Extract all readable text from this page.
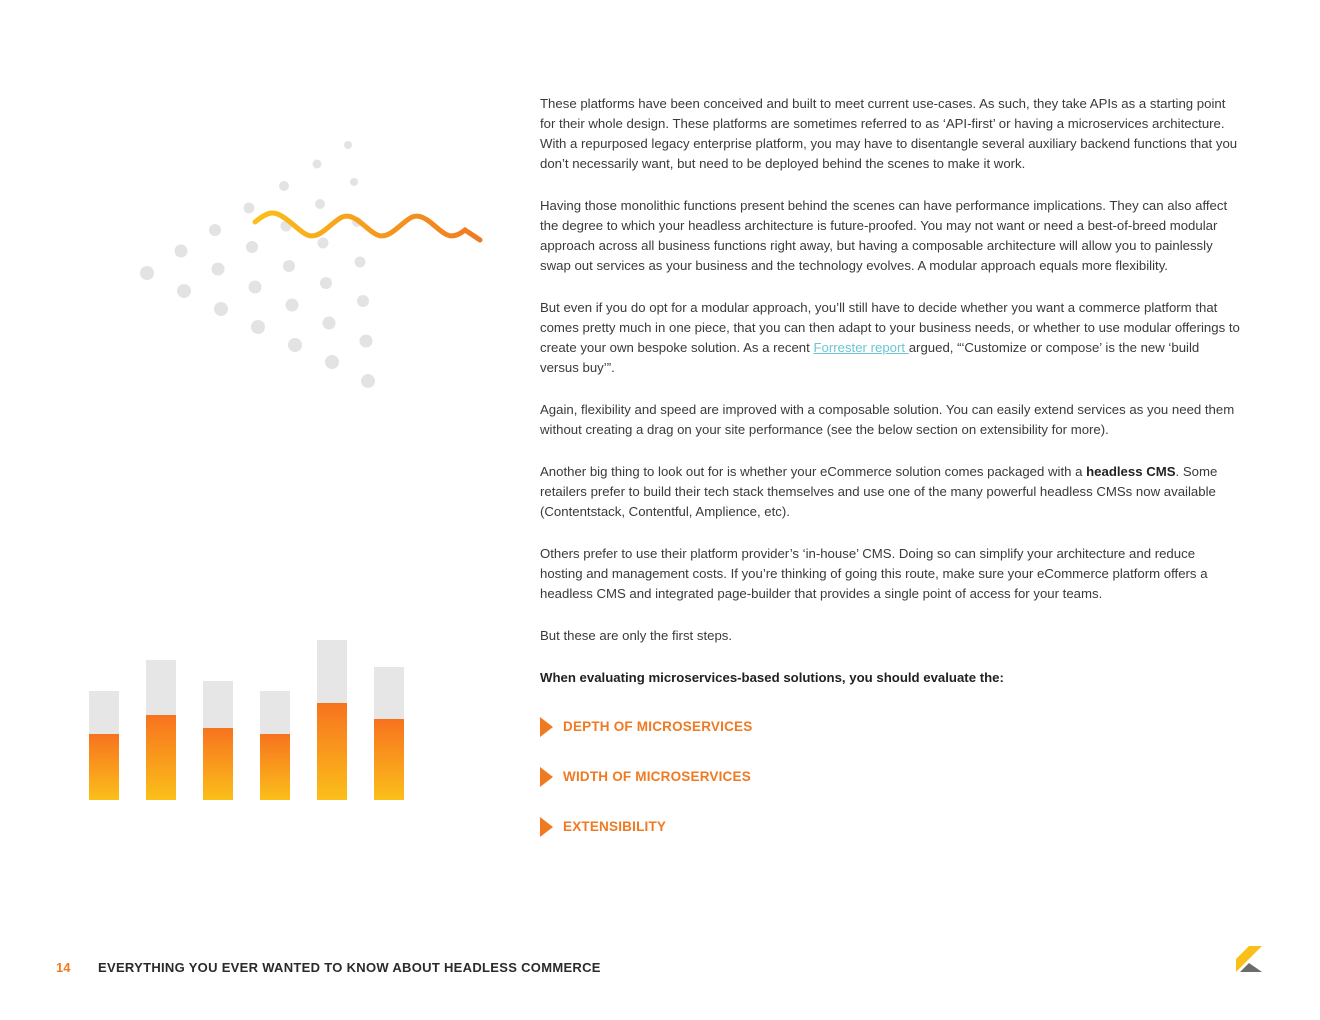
These platforms have been conceived and built to meet current use-cases. As such, they take APIs as a starting point for their whole design. These platforms are sometimes referred to as ‘API-first’ or having a microservices architecture. With a repurposed legacy enterprise platform, you may have to disentangle several auxiliary backend functions that you don’t necessarily want, but need to be deployed behind the scenes to make it work.

Having those monolithic functions present behind the scenes can have performance implications. They can also affect the degree to which your headless architecture is future-proofed. You may not want or need a best-of-breed modular approach across all business functions right away, but having a composable architecture will allow you to painlessly swap out services as your business and the technology evolves. A modular approach equals more flexibility.

But even if you do opt for a modular approach, you’ll still have to decide whether you want a commerce platform that comes pretty much in one piece, that you can then adapt to your business needs, or whether to use modular offerings to create your own bespoke solution. As a recent Forrester report argued, “‘Customize or compose’ is the new ‘build versus buy’”.

Again, flexibility and speed are improved with a composable solution. You can easily extend services as you need them without creating a drag on your site performance (see the below section on extensibility for more).

Another big thing to look out for is whether your eCommerce solution comes packaged with a headless CMS. Some retailers prefer to build their tech stack themselves and use one of the many powerful headless CMSs now available (Contentstack, Contentful, Amplience, etc).

Others prefer to use their platform provider’s ‘in-house’ CMS. Doing so can simplify your architecture and reduce hosting and management costs. If you’re thinking of going this route, make sure your eCommerce platform offers a headless CMS and integrated page-builder that provides a single point of access for your teams.

But these are only the first steps.

When evaluating microservices-based solutions, you should evaluate the:

DEPTH OF MICROSERVICES
WIDTH OF MICROSERVICES
EXTENSIBILITY
14	EVERYTHING YOU EVER WANTED TO KNOW ABOUT HEADLESS COMMERCE
